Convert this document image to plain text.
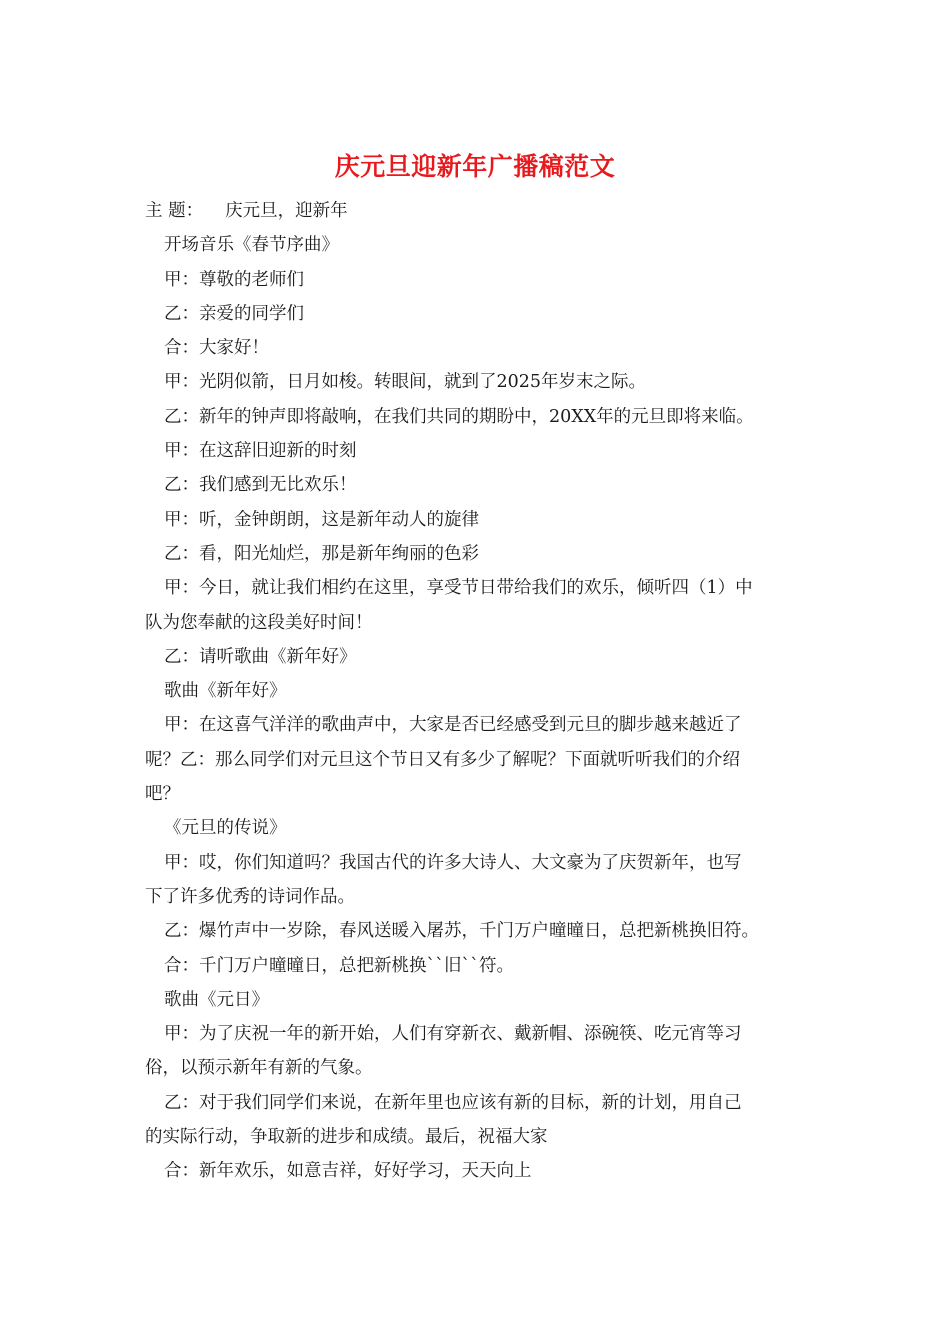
庆元旦迎新年广播稿范文
主 题： 庆元旦，迎新年
开场音乐《春节序曲》
甲：尊敬的老师们
乙：亲爱的同学们
合：大家好！
甲：光阴似箭，日月如梭。转眼间，就到了2025年岁末之际。
乙：新年的钟声即将敲响，在我们共同的期盼中，20XX年的元旦即将来临。
甲：在这辞旧迎新的时刻
乙：我们感到无比欢乐！
甲：听，金钟朗朗，这是新年动人的旋律
乙：看，阳光灿烂，那是新年绚丽的色彩
甲：今日，就让我们相约在这里，享受节日带给我们的欢乐，倾听四（1）中
队为您奉献的这段美好时间！
乙：请听歌曲《新年好》
歌曲《新年好》
甲：在这喜气洋洋的歌曲声中，大家是否已经感受到元旦的脚步越来越近了
呢？乙：那么同学们对元旦这个节日又有多少了解呢？下面就听听我们的介绍
吧？
《元旦的传说》
甲：哎，你们知道吗？我国古代的许多大诗人、大文豪为了庆贺新年，也写
下了许多优秀的诗词作品。
乙：爆竹声中一岁除，春风送暖入屠苏，千门万户曈曈日，总把新桃换旧符。
合：千门万户曈曈日，总把新桃换``旧``符。
歌曲《元日》
甲：为了庆祝一年的新开始，人们有穿新衣、戴新帽、添碗筷、吃元宵等习
俗，以预示新年有新的气象。
乙：对于我们同学们来说，在新年里也应该有新的目标，新的计划，用自己
的实际行动，争取新的进步和成绩。最后，祝福大家
合：新年欢乐，如意吉祥，好好学习，天天向上
